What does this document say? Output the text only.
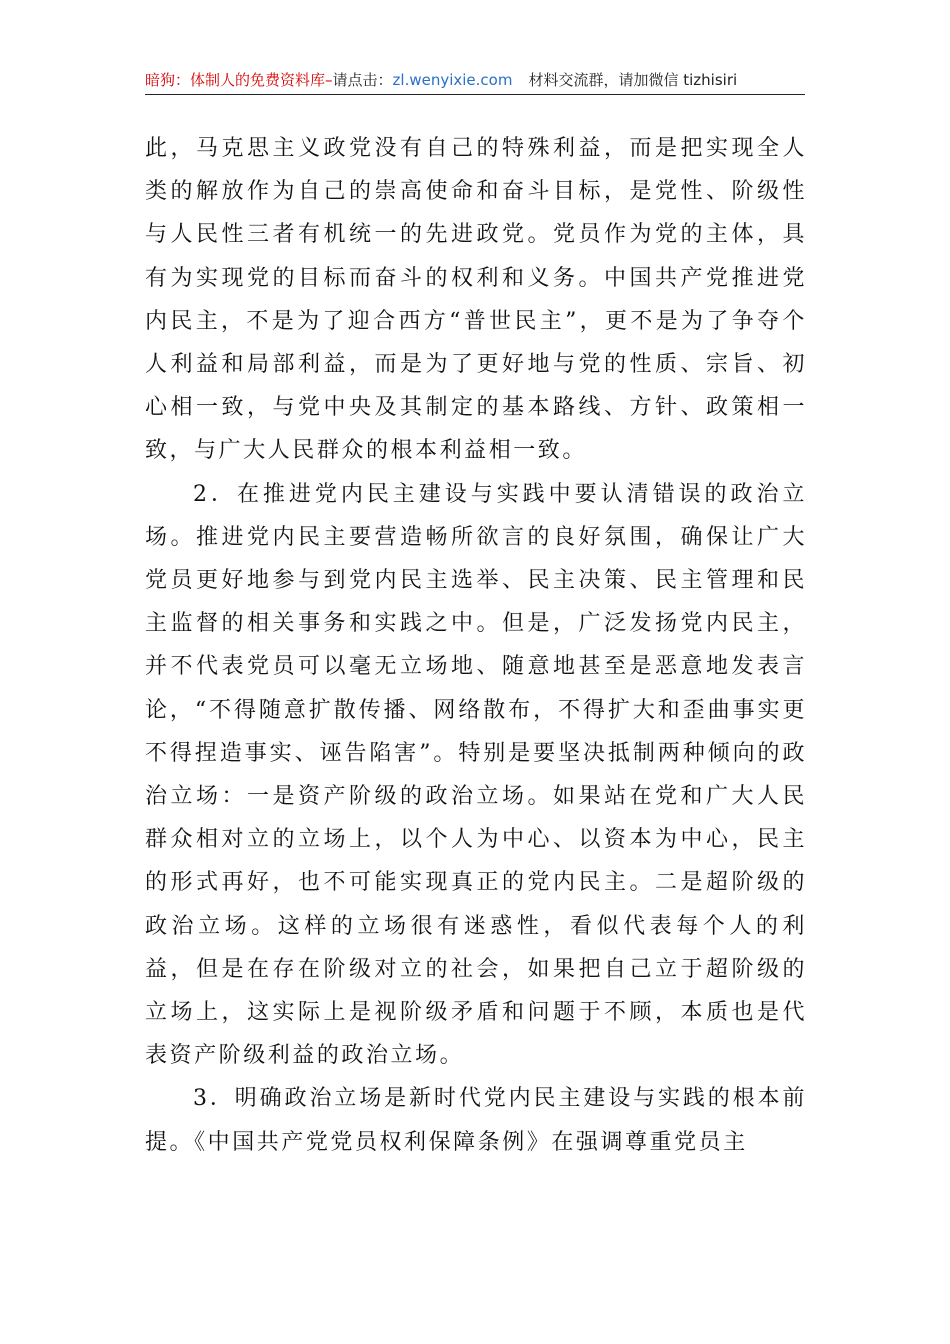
暗狗：体制人的免费资料库–请点击：zl.wenyixie.com 材料交流群，请加微信 tizhisiri

此，马克思主义政党没有自己的特殊利益，而是把实现全人类的解放作为自己的崇高使命和奋斗目标，是党性、阶级性与人民性三者有机统一的先进政党。党员作为党的主体，具有为实现党的目标而奋斗的权利和义务。中国共产党推进党内民主，不是为了迎合西方“普世民主”，更不是为了争夺个人利益和局部利益，而是为了更好地与党的性质、宗旨、初心相一致，与党中央及其制定的基本路线、方针、政策相一致，与广大人民群众的根本利益相一致。

2．在推进党内民主建设与实践中要认清错误的政治立场。推进党内民主要营造畅所欲言的良好氛围，确保让广大党员更好地参与到党内民主选举、民主决策、民主管理和民主监督的相关事务和实践之中。但是，广泛发扬党内民主，并不代表党员可以毫无立场地、随意地甚至是恶意地发表言论，“不得随意扩散传播、网络散布，不得扩大和歪曲事实更不得捏造事实、诬告陷害”。特别是要坚决抵制两种倾向的政治立场：一是资产阶级的政治立场。如果站在党和广大人民群众相对立的立场上，以个人为中心、以资本为中心，民主的形式再好，也不可能实现真正的党内民主。二是超阶级的政治立场。这样的立场很有迷惑性，看似代表每个人的利益，但是在存在阶级对立的社会，如果把自己立于超阶级的立场上，这实际上是视阶级矛盾和问题于不顾，本质也是代表资产阶级利益的政治立场。

3．明确政治立场是新时代党内民主建设与实践的根本前提。《中国共产党党员权利保障条例》在强调尊重党员主
